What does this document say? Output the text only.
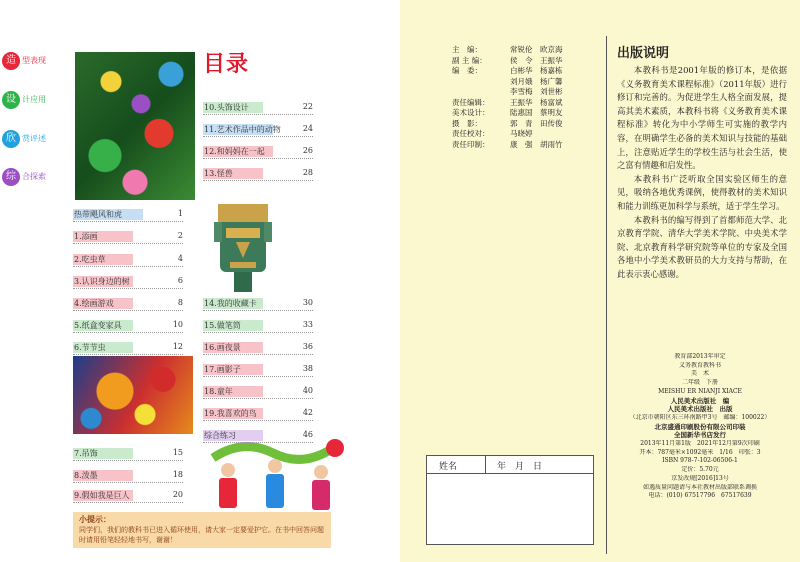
造 型表现
设 计应用
欣 赏评述
综 合探索
目录
热带飓风和虎	1
1.添画	2
2.吃虫草	4
3.认识身边的树	6
4.绘画游戏	8
5.纸盒变家具	10
6.节节虫	12
7.吊饰	15
8.泼墨	18
9.假如我是巨人	20
10.头饰设计	22
11.艺术作品中的动物	24
12.和妈妈在一起	26
13.怪兽	28
14.我的收藏卡	30
15.做笔筒	33
16.画夜景	36
17.画影子	38
18.童年	40
19.我喜欢的鸟	42
综合练习	46
小提示：
同学们，我们的教科书已进入循环使用，请大家一定要爱护它。在书中回答问题时请用铅笔轻轻地书写，谢谢！
主　编：	常锐伦　欧京海
副 主 编：	侯　令　王振华
编　委：	白彬华　杨嘉栋
刘月娥　杨广馨
李雪梅　刘世彬
责任编辑：	王振华　杨富斌
美术设计：	陆惠国　蔡明友
摄　影：	郭　青　田传俊
责任校对：	马晓婷
责任印制：	康　强　胡雨竹
出版说明

本教科书是2001年版的修订本，是依据《义务教育美术课程标准》（2011年版）进行修订和完善的。为促进学生人格全面发展，提高其美术素质，本教科书将《义务教育美术课程标准》转化为中小学师生可实施的教学内容，在明确学生必备的美术知识与技能的基础上，注意贴近学生的学校生活与社会生活，使之富有情趣和启发性。

本教科书广泛听取全国实验区师生的意见，吸纳各地优秀课例，使得教材的美术知识和能力训练更加科学与系统，适于学生学习。

本教科书的编写得到了首都师范大学、北京教育学院、清华大学美术学院、中央美术学院、北京教育科学研究院等单位的专家及全国各地中小学美术教研员的大力支持与帮助，在此表示衷心感谢。

教育部2013年审定
义务教育教科书
美　术
二年级　下册
MEISHU ER NIANJI XIACE
人民美术出版社　编
人民美术出版社　出版
（北京市朝阳区东三环南路甲3号　邮编：100022）
北京盛通印刷股份有限公司印装
全国新华书店发行
2013年11月第1版　2021年12月第9次印刷
开本：787毫米×1092毫米　1/16　印张：3
ISBN 978-7-102-06506-1
定价：5.70元
京发改规[2016]13号
如遇质量问题请与本社教材出版部联系调换
电话：(010) 67517796　67517639
姓名	年　月　日
